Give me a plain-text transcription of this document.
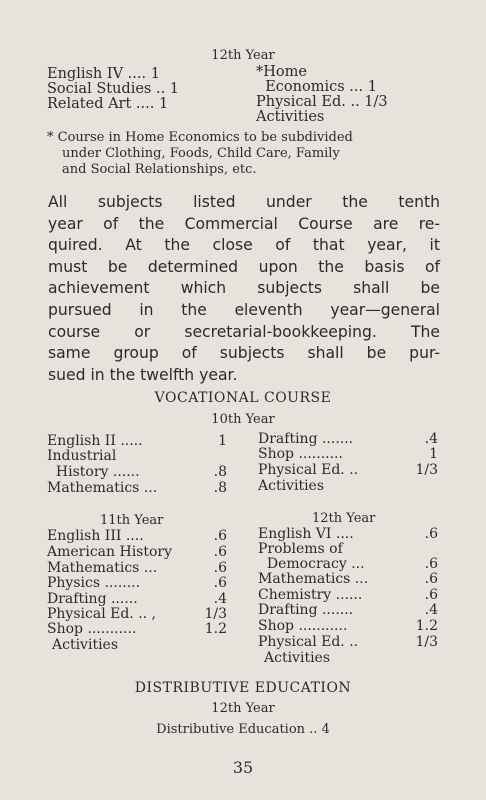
12th Year
English IV .... 1
Social Studies .. 1
Related Art .... 1
*Home
Economics ... 1
Physical Ed. .. 1/3
Activities
* Course in Home Economics to be subdivided
under Clothing, Foods, Child Care, Family
and Social Relationships, etc.
All subjects listed under the tenth
year of the Commercial Course are re-
quired. At the close of that year, it
must be determined upon the basis of
achievement which subjects shall be
pursued in the eleventh year—general
course or secretarial-bookkeeping. The
same group of subjects shall be pur-
sued in the twelfth year.
VOCATIONAL COURSE
10th Year
English II .....	1
Industrial
History ......	.8
Mathematics ...	.8
Drafting .......	.4
Shop ..........	1
Physical Ed. ..	1/3
Activities
11th Year
English III ....	.6
American History	.6
Mathematics ...	.6
Physics ........	.6
Drafting ......	.4
Physical Ed. .. ,	1/3
Shop ...........	1.2
Activities
12th Year
English VI ....	.6
Problems of
Democracy ...	.6
Mathematics ...	.6
Chemistry ......	.6
Drafting .......	.4
Shop ...........	1.2
Physical Ed. ..	1/3
Activities
DISTRIBUTIVE EDUCATION
12th Year
Distributive Education .. 4
35
